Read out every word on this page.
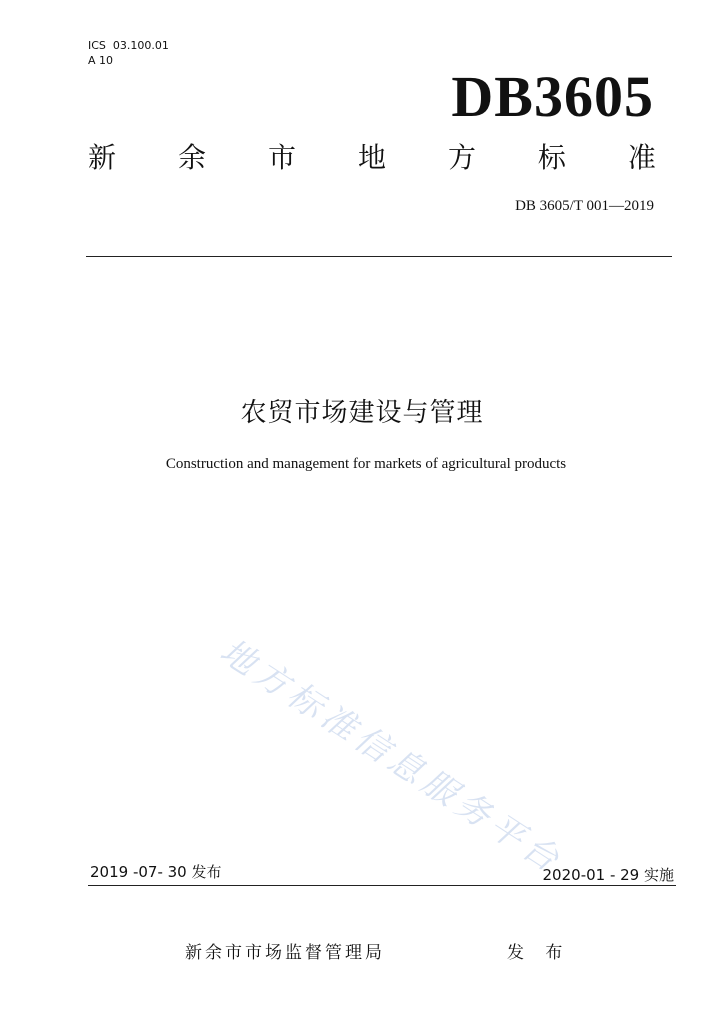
ICS  03.100.01
A 10
DB3605
新 余 市 地 方 标 准
DB 3605/T 001—2019
农贸市场建设与管理
Construction and management for markets of agricultural products
地方标准信息服务平台
2019 -07- 30 发布	2020-01 - 29 实施
新余市市场监督管理局	发 布
